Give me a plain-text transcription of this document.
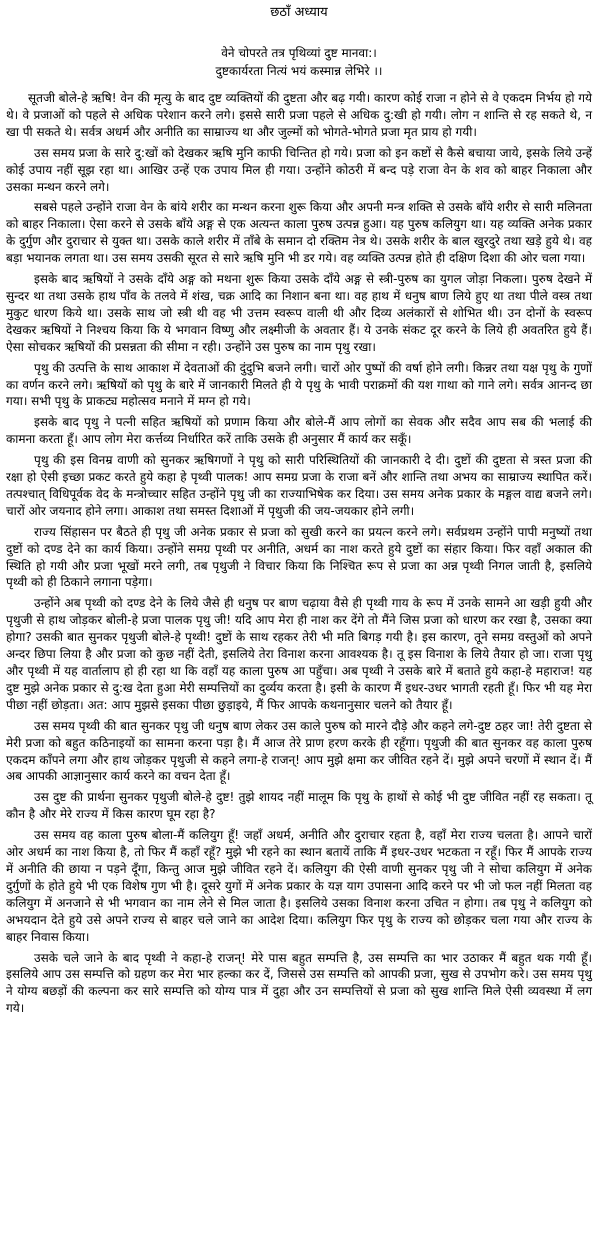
छठाँ अध्याय
वेने चोपरते तत्र पृथिव्यां दुष्ट मानवा:।
दुष्टकार्यरता नित्यं भयं कस्मान्न लेभिरे ।।

सूतजी बोले-हे ऋषि! वेन की मृत्यु के बाद दुष्ट व्यक्तियों की दुष्टता और बढ़ गयी। कारण कोई राजा न होने से वे एकदम निर्भय हो गये थे। वे प्रजाओं को पहले से अधिक परेशान करने लगे। इससे सारी प्रजा पहले से अधिक दु:खी हो गयी। लोग न शान्ति से रह सकते थे, न खा पी सकते थे। सर्वत्र अधर्म और अनीति का साम्राज्य था और जुल्मों को भोगते-भोगते प्रजा मृत प्राय हो गयी।

उस समय प्रजा के सारे दु:खों को देखकर ऋषि मुनि काफी चिन्तित हो गये। प्रजा को इन कष्टों से कैसे बचाया जाये, इसके लिये उन्हें कोई उपाय नहीं सूझ रहा था। आखिर उन्हें एक उपाय मिल ही गया। उन्होंने कोठरी में बन्द पड़े राजा वेन के शव को बाहर निकाला और उसका मन्थन करने लगे।

सबसे पहले उन्होंने राजा वेन के बांये शरीर का मन्थन करना शुरू किया और अपनी मन्त्र शक्ति से उसके बाँये शरीर से सारी मलिनता को बाहर निकाला। ऐसा करने से उसके बाँये अङ्ग से एक अत्यन्त काला पुरुष उत्पन्न हुआ। यह पुरुष कलियुग था। यह व्यक्ति अनेक प्रकार के दुर्गुण और दुराचार से युक्त था। उसके काले शरीर में ताँबे के समान दो रक्तिम नेत्र थे। उसके शरीर के बाल खुरदुरे तथा खड़े हुये थे। वह बड़ा भयानक लगता था। उस समय उसकी सूरत से सारे ऋषि मुनि भी डर गये। वह व्यक्ति उत्पन्न होते ही दक्षिण दिशा की ओर चला गया।

इसके बाद ऋषियों ने उसके दाँये अङ्ग को मथना शुरू किया उसके दाँये अङ्ग से स्त्री-पुरुष का युगल जोड़ा निकला। पुरुष देखने में सुन्दर था तथा उसके हाथ पाँव के तलवे में शंख, चक्र आदि का निशान बना था। वह हाथ में धनुष बाण लिये हुए था तथा पीले वस्त्र तथा मुकुट धारण किये था। उसके साथ जो स्त्री थी वह भी उत्तम स्वरूप वाली थी और दिव्य अलंकारों से शोभित थी। उन दोनों के स्वरूप देखकर ऋषियों ने निश्चय किया कि ये भगवान विष्णु और लक्ष्मीजी के अवतार हैं। ये उनके संकट दूर करने के लिये ही अवतरित हुये हैं। ऐसा सोचकर ऋषियों की प्रसन्नता की सीमा न रही। उन्होंने उस पुरुष का नाम पृथु रखा।

पृथु की उत्पत्ति के साथ आकाश में देवताओं की दुंदुभि बजने लगी। चारों ओर पुष्पों की वर्षा होने लगी। किन्नर तथा यक्ष पृथु के गुणों का वर्णन करने लगे। ऋषियों को पृथु के बारे में जानकारी मिलते ही ये पृथु के भावी पराक्रमों की यश गाथा को गाने लगे। सर्वत्र आनन्द छा गया। सभी पृथु के प्राकट्य महोत्सव मनाने में मग्न हो गये।

इसके बाद पृथु ने पत्नी सहित ऋषियों को प्रणाम किया और बोले-मैं आप लोगों का सेवक और सदैव आप सब की भलाई की कामना करता हूँ। आप लोग मेरा कर्त्तव्य निर्धारित करें ताकि उसके ही अनुसार मैं कार्य कर सकूँ।

पृथु की इस विनम्र वाणी को सुनकर ऋषिगणों ने पृथु को सारी परिस्थितियों की जानकारी दे दी। दुष्टों की दुष्टता से त्रस्त प्रजा की रक्षा हो ऐसी इच्छा प्रकट करते हुये कहा हे पृथ्वी पालक! आप समग्र प्रजा के राजा बनें और शान्ति तथा अभय का साम्राज्य स्थापित करें। तत्पश्चात् विधिपूर्वक वेद के मन्त्रोच्चार सहित उन्होंने पृथु जी का राज्याभिषेक कर दिया। उस समय अनेक प्रकार के मङ्गल वाद्य बजने लगे। चारों ओर जयनाद होने लगा। आकाश तथा समस्त दिशाओं में पृथुजी की जय-जयकार होने लगी।

राज्य सिंहासन पर बैठते ही पृथु जी अनेक प्रकार से प्रजा को सुखी करने का प्रयत्न करने लगे। सर्वप्रथम उन्होंने पापी मनुष्यों तथा दुष्टों को दण्ड देने का कार्य किया। उन्होंने समग्र पृथ्वी पर अनीति, अधर्म का नाश करते हुये दुष्टों का संहार किया। फिर वहाँ अकाल की स्थिति हो गयी और प्रजा भूखों मरने लगी, तब पृथुजी ने विचार किया कि निश्चित रूप से प्रजा का अन्न पृथ्वी निगल जाती है, इसलिये पृथ्वी को ही ठिकाने लगाना पड़ेगा।

उन्होंने अब पृथ्वी को दण्ड देने के लिये जैसे ही धनुष पर बाण चढ़ाया वैसे ही पृथ्वी गाय के रूप में उनके सामने आ खड़ी हुयी और पृथुजी से हाथ जोड़कर बोली-हे प्रजा पालक पृथु जी! यदि आप मेरा ही नाश कर देंगे तो मैंने जिस प्रजा को धारण कर रखा है, उसका क्या होगा? उसकी बात सुनकर पृथुजी बोले-हे पृथ्वी! दुष्टों के साथ रहकर तेरी भी मति बिगड़ गयी है। इस कारण, तूने समग्र वस्तुओं को अपने अन्दर छिपा लिया है और प्रजा को कुछ नहीं देती, इसलिये तेरा विनाश करना आवश्यक है। तू इस विनाश के लिये तैयार हो जा। राजा पृथु और पृथ्वी में यह वार्तालाप हो ही रहा था कि वहाँ यह काला पुरुष आ पहुँचा। अब पृथ्वी ने उसके बारे में बताते हुये कहा-हे महाराज! यह दुष्ट मुझे अनेक प्रकार से दु:ख देता हुआ मेरी सम्पत्तियों का दुर्व्यय करता है। इसी के कारण मैं इधर-उधर भागती रहती हूँ। फिर भी यह मेरा पीछा नहीं छोड़ता। अत: आप मुझसे इसका पीछा छुड़ाइये, मैं फिर आपके कथनानुसार चलने को तैयार हूँ।

उस समय पृथ्वी की बात सुनकर पृथु जी धनुष बाण लेकर उस काले पुरुष को मारने दौड़े और कहने लगे-दुष्ट ठहर जा! तेरी दुष्टता से मेरी प्रजा को बहुत कठिनाइयों का सामना करना पड़ा है। मैं आज तेरे प्राण हरण करके ही रहूँगा। पृथुजी की बात सुनकर वह काला पुरुष एकदम काँपने लगा और हाथ जोड़कर पृथुजी से कहने लगा-हे राजन्! आप मुझे क्षमा कर जीवित रहने दें। मुझे अपने चरणों में स्थान दें। मैं अब आपकी आज्ञानुसार कार्य करने का वचन देता हूँ।

उस दुष्ट की प्रार्थना सुनकर पृथुजी बोले-हे दुष्ट! तुझे शायद नहीं मालूम कि पृथु के हाथों से कोई भी दुष्ट जीवित नहीं रह सकता। तू कौन है और मेरे राज्य में किस कारण घूम रहा है?

उस समय वह काला पुरुष बोला-मैं कलियुग हूँ! जहाँ अधर्म, अनीति और दुराचार रहता है, वहाँ मेरा राज्य चलता है। आपने चारों ओर अधर्म का नाश किया है, तो फिर मैं कहाँ रहूँ? मुझे भी रहने का स्थान बतायें ताकि मैं इधर-उधर भटकता न रहूँ। फिर मैं आपके राज्य में अनीति की छाया न पड़ने दूँगा, किन्तु आज मुझे जीवित रहने दें। कलियुग की ऐसी वाणी सुनकर पृथु जी ने सोचा कलियुग में अनेक दुर्गुणों के होते हुये भी एक विशेष गुण भी है। दूसरे युगों में अनेक प्रकार के यज्ञ याग उपासना आदि करने पर भी जो फल नहीं मिलता वह कलियुग में अनजाने से भी भगवान का नाम लेने से मिल जाता है। इसलिये उसका विनाश करना उचित न होगा। तब पृथु ने कलियुग को अभयदान देते हुये उसे अपने राज्य से बाहर चले जाने का आदेश दिया। कलियुग फिर पृथु के राज्य को छोड़कर चला गया और राज्य के बाहर निवास किया।

उसके चले जाने के बाद पृथ्वी ने कहा-हे राजन्! मेरे पास बहुत सम्पत्ति है, उस सम्पत्ति का भार उठाकर मैं बहुत थक गयी हूँ। इसलिये आप उस सम्पत्ति को ग्रहण कर मेरा भार हल्का कर दें, जिससे उस सम्पत्ति को आपकी प्रजा, सुख से उपभोग करे। उस समय पृथु ने योग्य बछड़ों की कल्पना कर सारे सम्पत्ति को योग्य पात्र में दुहा और उन सम्पत्तियों से प्रजा को सुख शान्ति मिले ऐसी व्यवस्था में लग गये।
